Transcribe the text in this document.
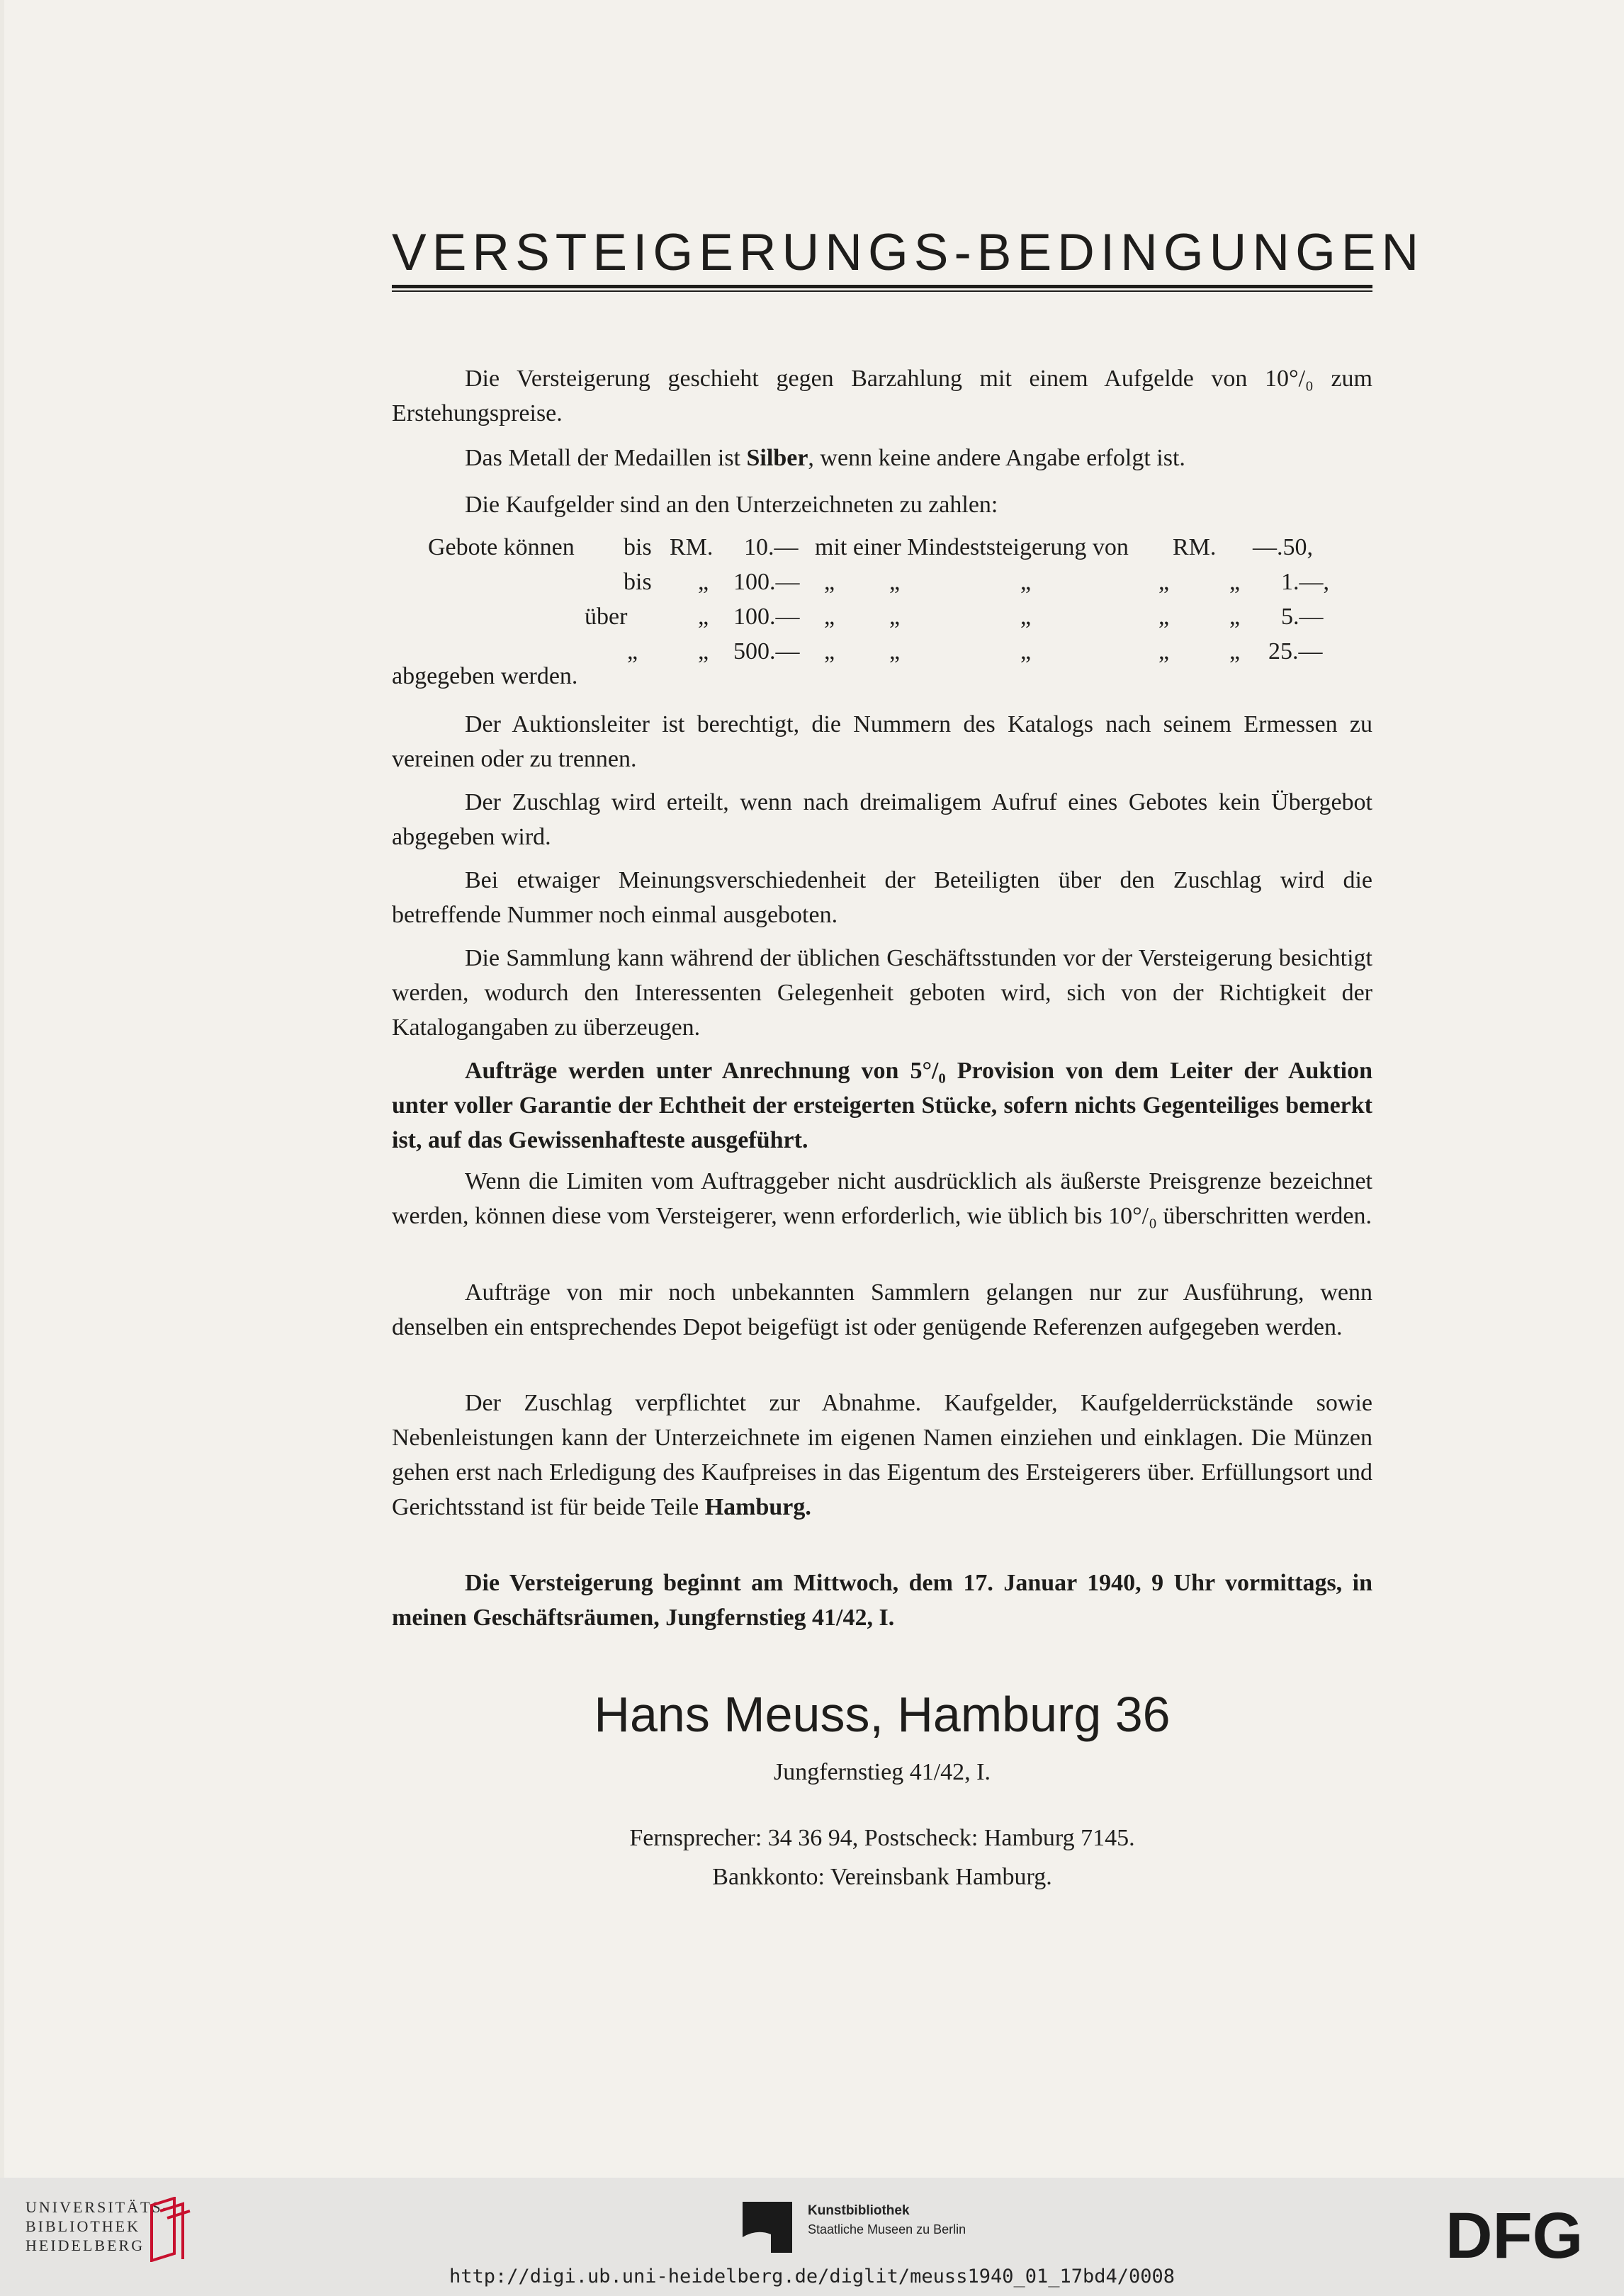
VERSTEIGERUNGS-BEDINGUNGEN
Die Versteigerung geschieht gegen Barzahlung mit einem Aufgelde von 10°/₀ zum Erstehungspreise.
Das Metall der Medaillen ist Silber, wenn keine andere Angabe erfolgt ist.
Die Kaufgelder sind an den Unterzeichneten zu zahlen:
Gebote können bis RM. 10.— mit einer Mindeststeigerung von RM. —.50,
bis „ 100.— „ „	„	„ „ 1.—,
über	„ 100.— „ „	„	„ „ 5.—
„ „ 500.— „ „	„	„ „ 25.—
abgegeben werden.
Der Auktionsleiter ist berechtigt, die Nummern des Katalogs nach seinem Ermessen zu vereinen oder zu trennen.
Der Zuschlag wird erteilt, wenn nach dreimaligem Aufruf eines Gebotes kein Übergebot abgegeben wird.
Bei etwaiger Meinungsverschiedenheit der Beteiligten über den Zuschlag wird die betreffende Nummer noch einmal ausgeboten.
Die Sammlung kann während der üblichen Geschäftsstunden vor der Versteigerung besichtigt werden, wodurch den Interessenten Gelegenheit geboten wird, sich von der Richtigkeit der Katalogangaben zu überzeugen.
Aufträge werden unter Anrechnung von 5°/₀ Provision von dem Leiter der Auktion unter voller Garantie der Echtheit der ersteigerten Stücke, sofern nichts Gegenteiliges bemerkt ist, auf das Gewissenhafteste ausgeführt.
Wenn die Limiten vom Auftraggeber nicht ausdrücklich als äußerste Preisgrenze bezeichnet werden, können diese vom Versteigerer, wenn erforderlich, wie üblich bis 10°/₀ überschritten werden.
Aufträge von mir noch unbekannten Sammlern gelangen nur zur Ausführung, wenn denselben ein entsprechendes Depot beigefügt ist oder genügende Referenzen aufgegeben werden.
Der Zuschlag verpflichtet zur Abnahme. Kaufgelder, Kaufgelderrückstände sowie Nebenleistungen kann der Unterzeichnete im eigenen Namen einziehen und einklagen. Die Münzen gehen erst nach Erledigung des Kaufpreises in das Eigentum des Ersteigerers über. Erfüllungsort und Gerichtsstand ist für beide Teile Hamburg.
Die Versteigerung beginnt am Mittwoch, dem 17. Januar 1940, 9 Uhr vormittags, in meinen Geschäftsräumen, Jungfernstieg 41/42, I.
Hans Meuss, Hamburg 36
Jungfernstieg 41/42, I.
Fernsprecher: 34 36 94, Postscheck: Hamburg 7145.
Bankkonto: Vereinsbank Hamburg.
UNIVERSITÄTS-
BIBLIOTHEK
HEIDELBERG
Kunstbibliothek
Staatliche Museen zu Berlin	DFG
http://digi.ub.uni-heidelberg.de/diglit/meuss1940_01_17bd4/0008
